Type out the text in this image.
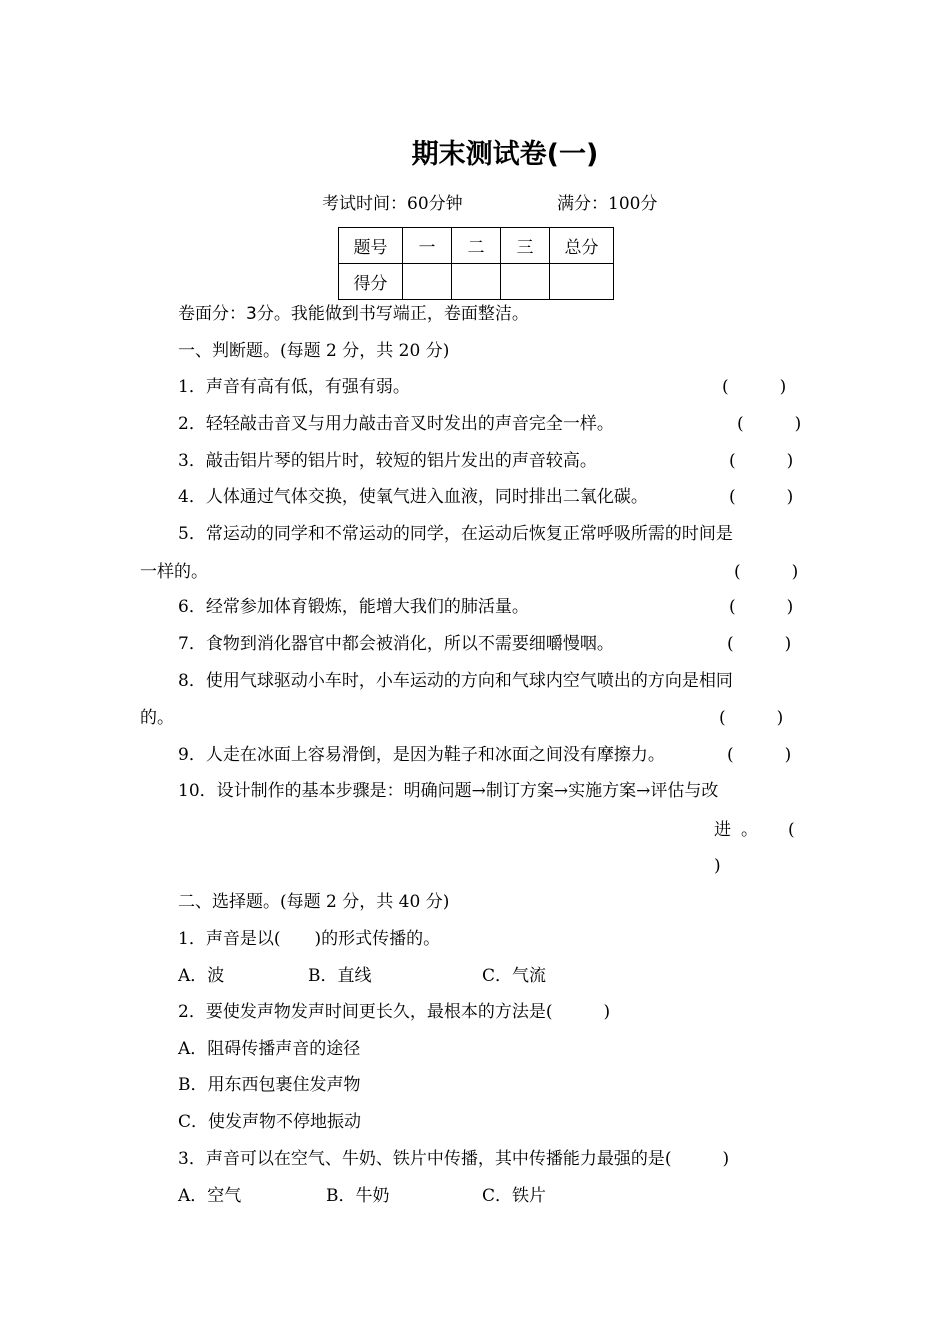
期末测试卷(一)
考试时间：60分钟	满分：100分
题号	一	二	三	总分
得分				
卷面分：3分。我能做到书写端正，卷面整洁。
一、判断题。(每题 2 分，共 20 分)
1．声音有高有低，有强有弱。	(　　　)
2．轻轻敲击音叉与用力敲击音叉时发出的声音完全一样。	(　　　)
3．敲击铝片琴的铝片时，较短的铝片发出的声音较高。	(　　　)
4．人体通过气体交换，使氧气进入血液，同时排出二氧化碳。	(　　　)
5．常运动的同学和不常运动的同学，在运动后恢复正常呼吸所需的时间是
一样的。	(　　　)
6．经常参加体育锻炼，能增大我们的肺活量。	(　　　)
7．食物到消化器官中都会被消化，所以不需要细嚼慢咽。	(　　　)
8．使用气球驱动小车时，小车运动的方向和气球内空气喷出的方向是相同
的。	(　　　)
9．人走在冰面上容易滑倒，是因为鞋子和冰面之间没有摩擦力。	(　　　)
10．设计制作的基本步骤是：明确问题→制订方案→实施方案→评估与改
进。 (
)
二、选择题。(每题 2 分，共 40 分)
1．声音是以(　　)的形式传播的。
A．波	B．直线	C．气流
2．要使发声物发声时间更长久，最根本的方法是(　　　)
A．阻碍传播声音的途径
B．用东西包裹住发声物
C．使发声物不停地振动
3．声音可以在空气、牛奶、铁片中传播，其中传播能力最强的是(　　　)
A．空气	B．牛奶	C．铁片
